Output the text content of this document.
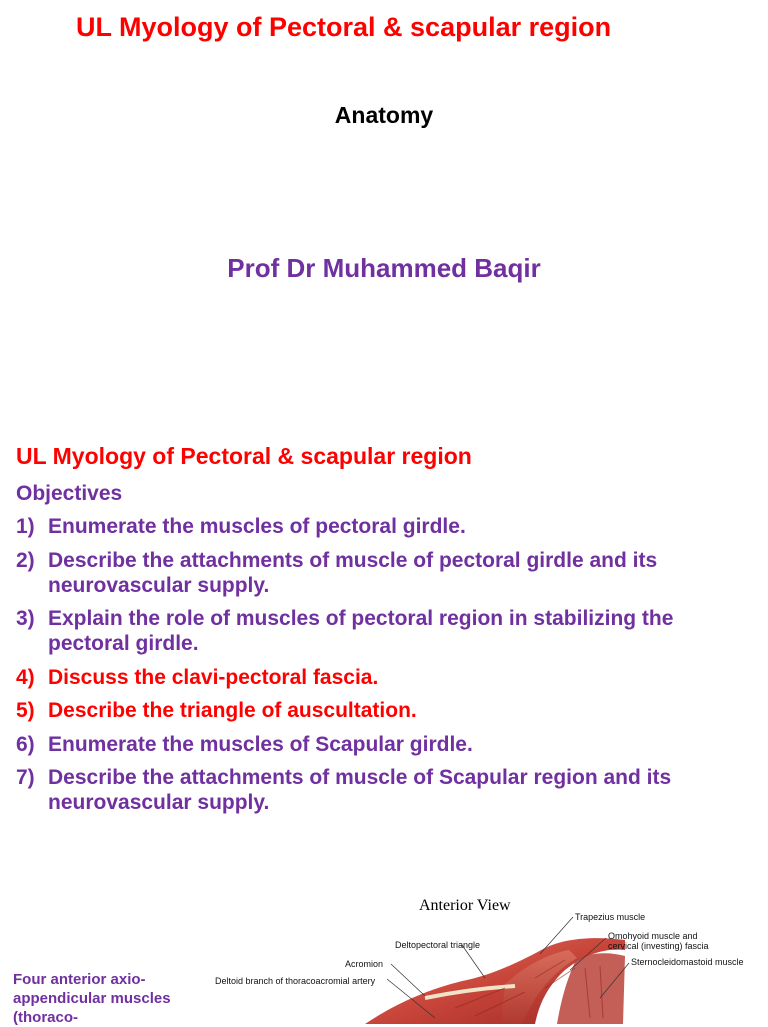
UL Myology of Pectoral & scapular region
Anatomy
Prof Dr Muhammed Baqir
UL Myology of Pectoral & scapular region
Objectives
1) Enumerate the muscles of pectoral girdle.
2) Describe the attachments of muscle of pectoral girdle and its neurovascular supply.
3) Explain the role of muscles of pectoral region in stabilizing the pectoral girdle.
4) Discuss the clavi-pectoral fascia.
5) Describe the triangle of auscultation.
6) Enumerate the muscles of Scapular girdle.
7) Describe the attachments of muscle of Scapular region and its neurovascular supply.
Four anterior axio-appendicular muscles (thoraco-
Anterior View
Trapezius muscle
Omohyoid muscle and
cervical (investing) fascia
Deltopectoral triangle
Sternocleidomastoid muscle
Acromion
Deltoid branch of thoracoacromial artery
